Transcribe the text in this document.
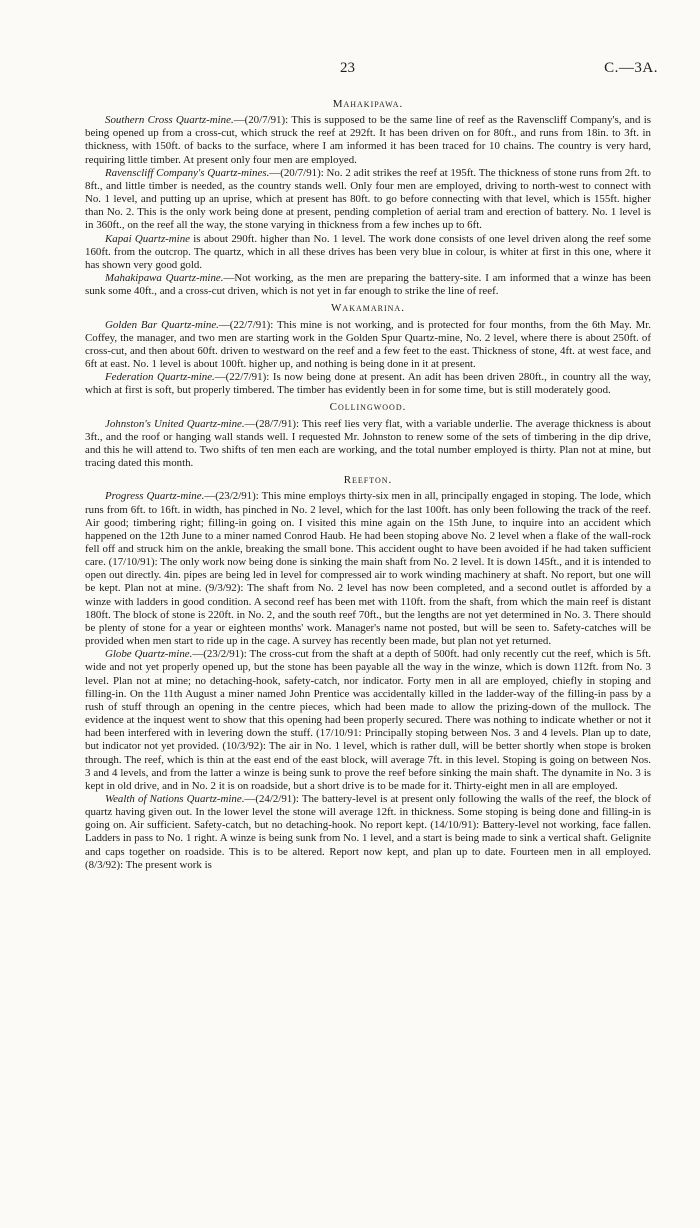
23	C.—3A.
Mahakipawa.

Southern Cross Quartz-mine.—(20/7/91): This is supposed to be the same line of reef as the Ravenscliff Company's, and is being opened up from a cross-cut, which struck the reef at 292ft. It has been driven on for 80ft., and runs from 18in. to 3ft. in thickness, with 150ft. of backs to the surface, where I am informed it has been traced for 10 chains. The country is very hard, requiring little timber. At present only four men are employed.

Ravenscliff Company's Quartz-mines.—(20/7/91): No. 2 adit strikes the reef at 195ft. The thickness of stone runs from 2ft. to 8ft., and little timber is needed, as the country stands well. Only four men are employed, driving to north-west to connect with No. 1 level, and putting up an uprise, which at present has 80ft. to go before connecting with that level, which is 155ft. higher than No. 2. This is the only work being done at present, pending completion of aerial tram and erection of battery. No. 1 level is in 360ft., on the reef all the way, the stone varying in thickness from a few inches up to 6ft.

Kapai Quartz-mine is about 290ft. higher than No. 1 level. The work done consists of one level driven along the reef some 160ft. from the outcrop. The quartz, which in all these drives has been very blue in colour, is whiter at first in this one, where it has shown very good gold.

Mahakipawa Quartz-mine.—Not working, as the men are preparing the battery-site. I am informed that a winze has been sunk some 40ft., and a cross-cut driven, which is not yet in far enough to strike the line of reef.

Wakamarina.

Golden Bar Quartz-mine.—(22/7/91): This mine is not working, and is protected for four months, from the 6th May. Mr. Coffey, the manager, and two men are starting work in the Golden Spur Quartz-mine, No. 2 level, where there is about 250ft. of cross-cut, and then about 60ft. driven to westward on the reef and a few feet to the east. Thickness of stone, 4ft. at west face, and 6ft at east. No. 1 level is about 100ft. higher up, and nothing is being done in it at present.

Federation Quartz-mine.—(22/7/91): Is now being done at present. An adit has been driven 280ft., in country all the way, which at first is soft, but properly timbered. The timber has evidently been in for some time, but is still moderately good.

Collingwood.

Johnston's United Quartz-mine.—(28/7/91): This reef lies very flat, with a variable underlie. The average thickness is about 3ft., and the roof or hanging wall stands well. I requested Mr. Johnston to renew some of the sets of timbering in the dip drive, and this he will attend to. Two shifts of ten men each are working, and the total number employed is thirty. Plan not at mine, but tracing dated this month.

Reefton.

Progress Quartz-mine.—(23/2/91): This mine employs thirty-six men in all, principally engaged in stoping. The lode, which runs from 6ft. to 16ft. in width, has pinched in No. 2 level, which for the last 100ft. has only been following the track of the reef. Air good; timbering right; filling-in going on. I visited this mine again on the 15th June, to inquire into an accident which happened on the 12th June to a miner named Conrod Haub. He had been stoping above No. 2 level when a flake of the wall-rock fell off and struck him on the ankle, breaking the small bone. This accident ought to have been avoided if he had taken sufficient care. (17/10/91): The only work now being done is sinking the main shaft from No. 2 level. It is down 145ft., and it is intended to open out directly. 4in. pipes are being led in level for compressed air to work winding machinery at shaft. No report, but one will be kept. Plan not at mine. (9/3/92): The shaft from No. 2 level has now been completed, and a second outlet is afforded by a winze with ladders in good condition. A second reef has been met with 110ft. from the shaft, from which the main reef is distant 180ft. The block of stone is 220ft. in No. 2, and the south reef 70ft., but the lengths are not yet determined in No. 3. There should be plenty of stone for a year or eighteen months' work. Manager's name not posted, but will be seen to. Safety-catches will be provided when men start to ride up in the cage. A survey has recently been made, but plan not yet returned.

Globe Quartz-mine.—(23/2/91): The cross-cut from the shaft at a depth of 500ft. had only recently cut the reef, which is 5ft. wide and not yet properly opened up, but the stone has been payable all the way in the winze, which is down 112ft. from No. 3 level. Plan not at mine; no detaching-hook, safety-catch, nor indicator. Forty men in all are employed, chiefly in stoping and filling-in. On the 11th August a miner named John Prentice was accidentally killed in the ladder-way of the filling-in pass by a rush of stuff through an opening in the centre pieces, which had been made to allow the prizing-down of the mullock. The evidence at the inquest went to show that this opening had been properly secured. There was nothing to indicate whether or not it had been interfered with in levering down the stuff. (17/10/91: Principally stoping between Nos. 3 and 4 levels. Plan up to date, but indicator not yet provided. (10/3/92): The air in No. 1 level, which is rather dull, will be better shortly when stope is broken through. The reef, which is thin at the east end of the east block, will average 7ft. in this level. Stoping is going on between Nos. 3 and 4 levels, and from the latter a winze is being sunk to prove the reef before sinking the main shaft. The dynamite in No. 3 is kept in old drive, and in No. 2 it is on roadside, but a short drive is to be made for it. Thirty-eight men in all are employed.

Wealth of Nations Quartz-mine.—(24/2/91): The battery-level is at present only following the walls of the reef, the block of quartz having given out. In the lower level the stone will average 12ft. in thickness. Some stoping is being done and filling-in is going on. Air sufficient. Safety-catch, but no detaching-hook. No report kept. (14/10/91): Battery-level not working, face fallen. Ladders in pass to No. 1 right. A winze is being sunk from No. 1 level, and a start is being made to sink a vertical shaft. Gelignite and caps together on roadside. This is to be altered. Report now kept, and plan up to date. Fourteen men in all employed. (8/3/92): The present work is
